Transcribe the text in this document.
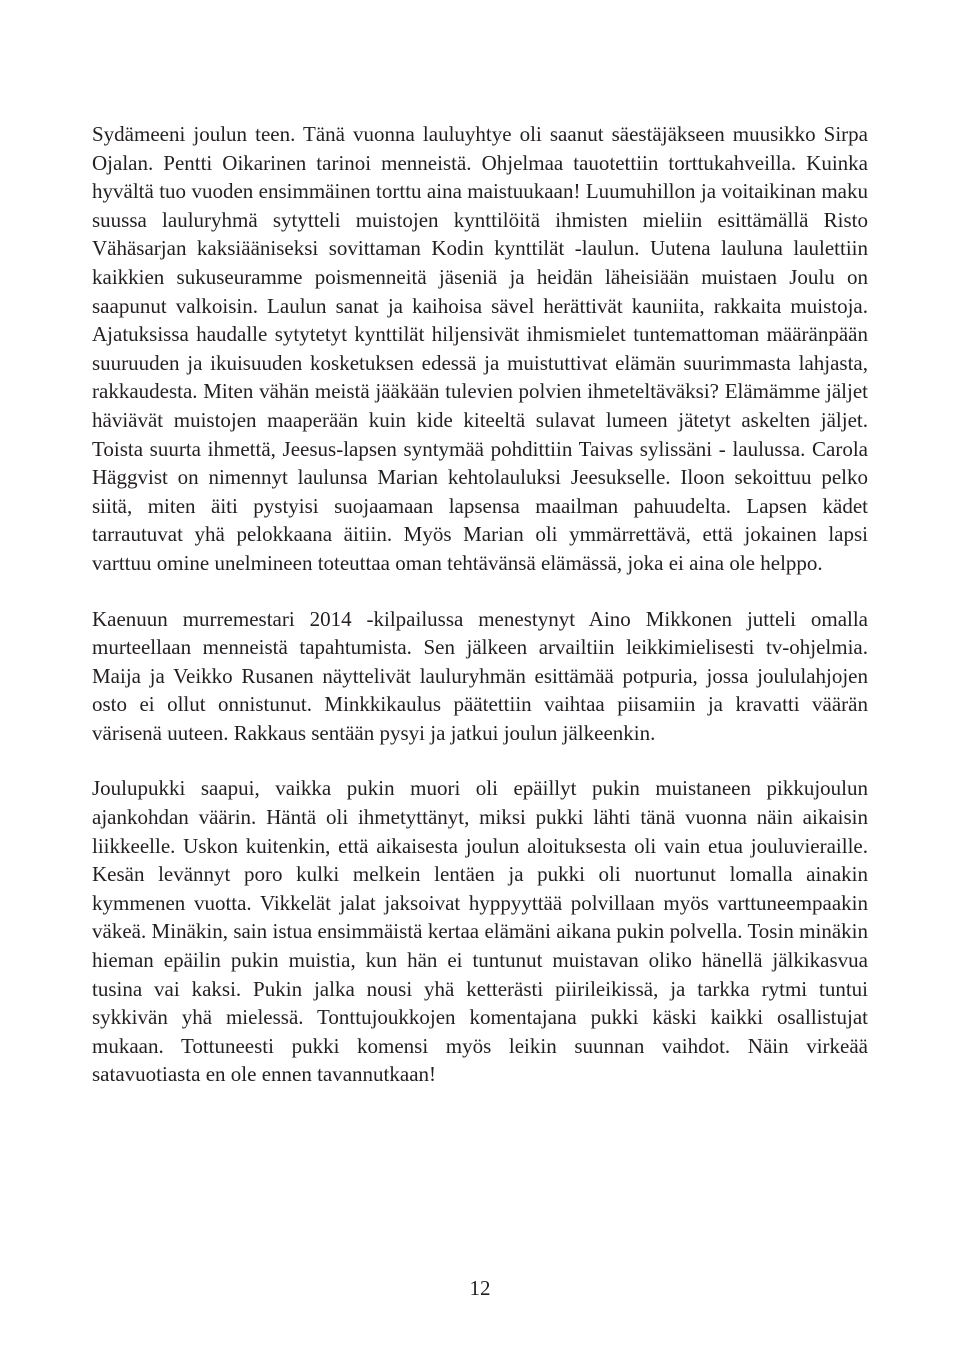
Sydämeeni joulun teen. Tänä vuonna lauluyhtye oli saanut säestäjäkseen muusikko Sirpa Ojalan. Pentti Oikarinen tarinoi menneistä. Ohjelmaa tauotettiin torttukahveilla. Kuinka hyvältä tuo vuoden ensimmäinen torttu aina maistuukaan! Luumuhillon ja voitaikinan maku suussa lauluryhmä sytytteli muistojen kynttilöitä ihmisten mieliin esittämällä Risto Vähäsarjan kaksiääniseksi sovittaman Kodin kynttilät -laulun. Uutena lauluna laulettiin kaikkien sukuseuramme poismenneitä jäseniä ja heidän läheisiään muistaen Joulu on saapunut valkoisin. Laulun sanat ja kaihoisa sävel herättivät kauniita, rakkaita muistoja. Ajatuksissa haudalle sytytetyt kynttilät hiljensivät ihmismielet tuntemattoman määränpään suuruuden ja ikuisuuden kosketuksen edessä ja muistuttivat elämän suurimmasta lahjasta, rakkaudesta. Miten vähän meistä jääkään tulevien polvien ihmeteltäväksi? Elämämme jäljet häviävät muistojen maaperään kuin kide kiteeltä sulavat lumeen jätetyt askelten jäljet. Toista suurta ihmettä, Jeesus-lapsen syntymää pohdittiin Taivas sylissäni - laulussa. Carola Häggvist on nimennyt laulunsa Marian kehtolauluksi Jeesukselle. Iloon sekoittuu pelko siitä, miten äiti pystyisi suojaamaan lapsensa maailman pahuudelta. Lapsen kädet tarrautuvat yhä pelokkaana äitiin. Myös Marian oli ymmärrettävä, että jokainen lapsi varttuu omine unelmineen toteuttaa oman tehtävänsä elämässä, joka ei aina ole helppo.

Kaenuun murremestari 2014 -kilpailussa menestynyt Aino Mikkonen jutteli omalla murteellaan menneistä tapahtumista. Sen jälkeen arvailtiin leikkimielisesti tv-ohjelmia. Maija ja Veikko Rusanen näyttelivät lauluryhmän esittämää potpuria, jossa joululahjojen osto ei ollut onnistunut. Minkkikaulus päätettiin vaihtaa piisamiin ja kravatti väärän värisenä uuteen. Rakkaus sentään pysyi ja jatkui joulun jälkeenkin.

Joulupukki saapui, vaikka pukin muori oli epäillyt pukin muistaneen pikkujoulun ajankohdan väärin. Häntä oli ihmetyttänyt, miksi pukki lähti tänä vuonna näin aikaisin liikkeelle. Uskon kuitenkin, että aikaisesta joulun aloituksesta oli vain etua jouluvieraille. Kesän levännyt poro kulki melkein lentäen ja pukki oli nuortunut lomalla ainakin kymmenen vuotta. Vikkelät jalat jaksoivat hyppyyttää polvillaan myös varttuneempaakin väkeä. Minäkin, sain istua ensimmäistä kertaa elämäni aikana pukin polvella. Tosin minäkin hieman epäilin pukin muistia, kun hän ei tuntunut muistavan oliko hänellä jälkikasvua tusina vai kaksi. Pukin jalka nousi yhä ketterästi piirileikissä, ja tarkka rytmi tuntui sykkivän yhä mielessä. Tonttujoukkojen komentajana pukki käski kaikki osallistujat mukaan. Tottuneesti pukki komensi myös leikin suunnan vaihdot. Näin virkeää satavuotiasta en ole ennen tavannutkaan!

12
